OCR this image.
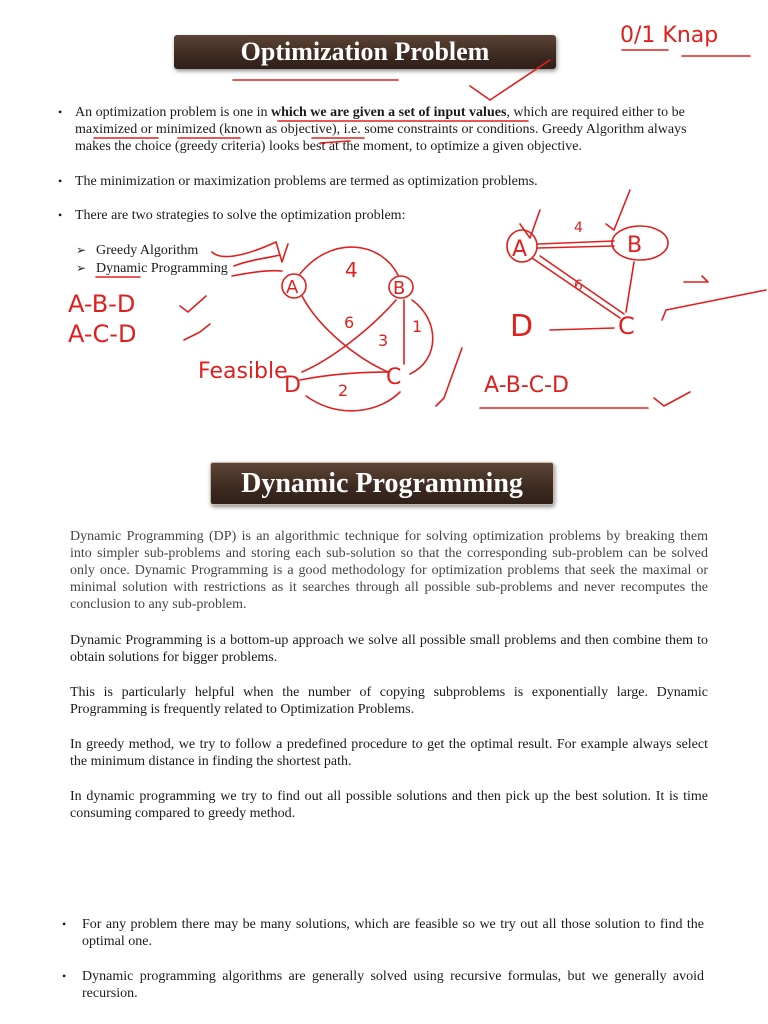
Optimization Problem
• An optimization problem is one in which we are given a set of input values, which are required either to be maximized or minimized (known as objective), i.e. some constraints or conditions. Greedy Algorithm always makes the choice (greedy criteria) looks best at the moment, to optimize a given objective.

• The minimization or maximization problems are termed as optimization problems.

• There are two strategies to solve the optimization problem:

➢ Greedy Algorithm
➢ Dynamic Programming
Dynamic Programming

Dynamic Programming (DP) is an algorithmic technique for solving optimization problems by breaking them into simpler sub-problems and storing each sub-solution so that the corresponding sub-problem can be solved only once. Dynamic Programming is a good methodology for optimization problems that seek the maximal or minimal solution with restrictions as it searches through all possible sub-problems and never recomputes the conclusion to any sub-problem.

Dynamic Programming is a bottom-up approach we solve all possible small problems and then combine them to obtain solutions for bigger problems.

This is particularly helpful when the number of copying subproblems is exponentially large. Dynamic Programming is frequently related to Optimization Problems.

In greedy method, we try to follow a predefined procedure to get the optimal result. For example always select the minimum distance in finding the shortest path.

In dynamic programming we try to find out all possible solutions and then pick up the best solution. It is time consuming compared to greedy method.

• For any problem there may be many solutions, which are feasible so we try out all those solution to find the optimal one.

• Dynamic programming algorithms are generally solved using recursive formulas, but we generally avoid recursion.

0/1 Knap
A	B
D	C
4
6
3
1
2
A-B-D
A-C-D
Feasible
A	B
D	C
4
6
A-B-C-D
